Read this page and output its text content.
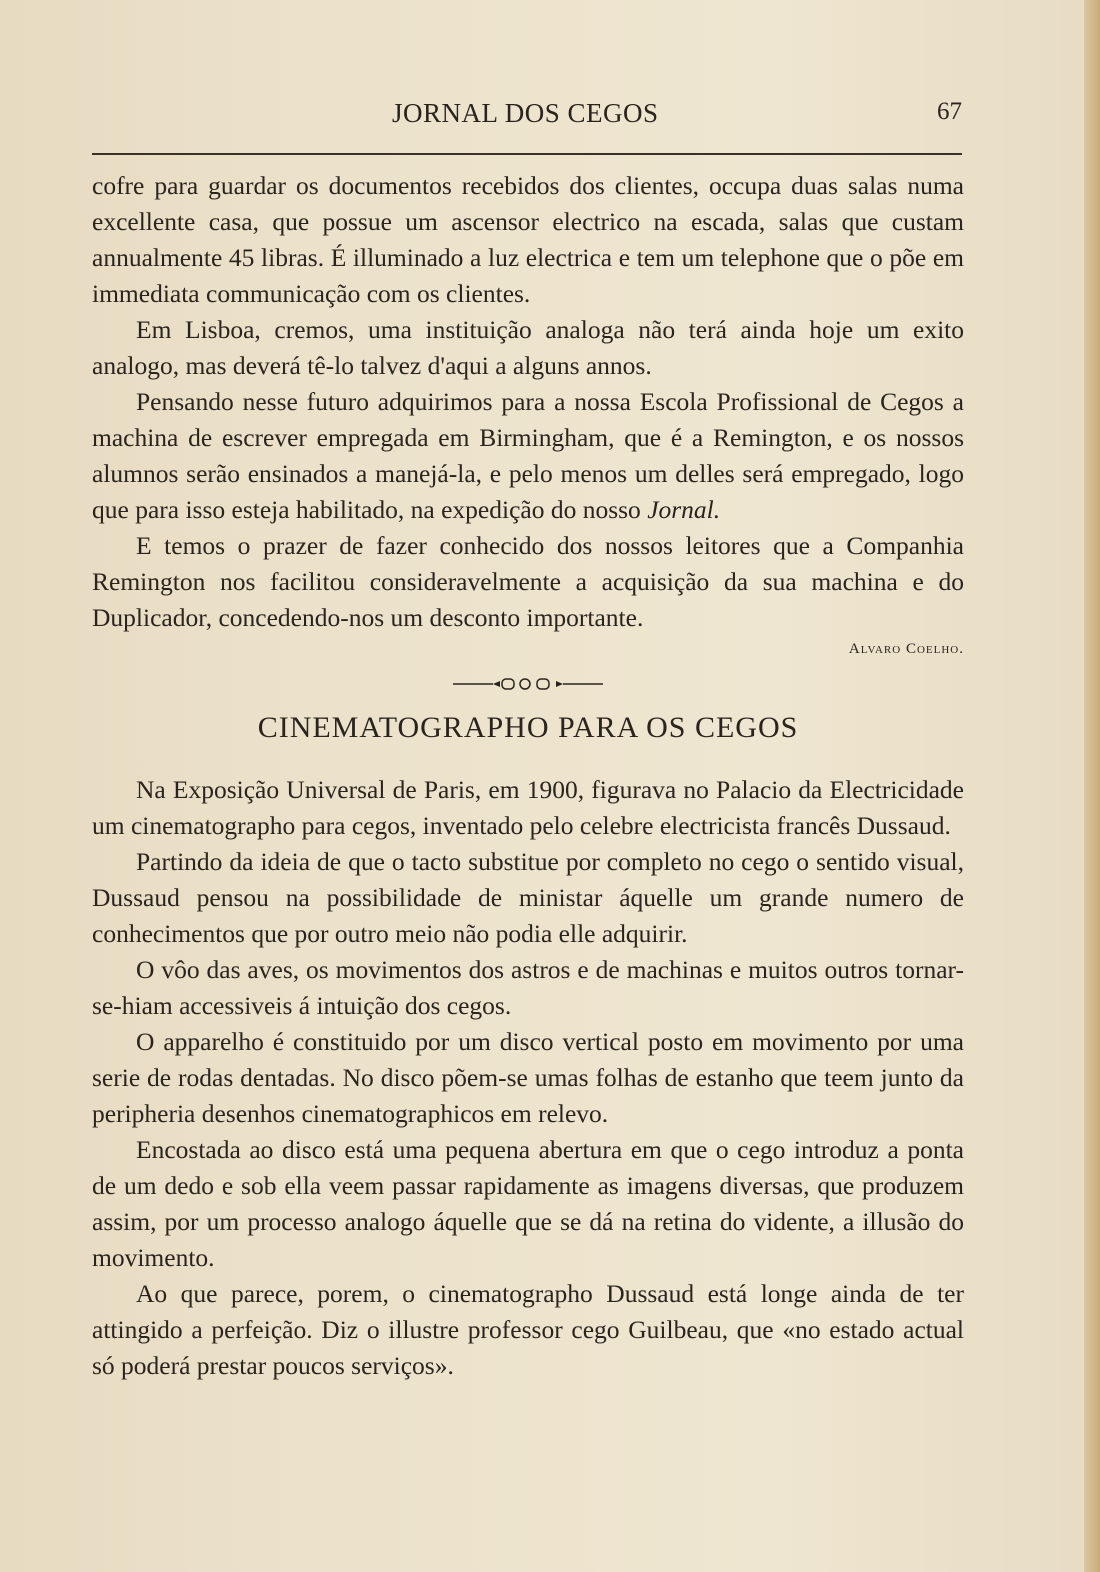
JORNAL DOS CEGOS	67

cofre para guardar os documentos recebidos dos clientes, occupa duas salas numa excellente casa, que possue um ascensor electrico na escada, salas que custam annualmente 45 libras. É illuminado a luz electrica e tem um telephone que o põe em immediata communicação com os clientes.

Em Lisboa, cremos, uma instituição analoga não terá ainda hoje um exito analogo, mas deverá tê-lo talvez d'aqui a alguns annos.

Pensando nesse futuro adquirimos para a nossa Escola Profissional de Cegos a machina de escrever empregada em Birmingham, que é a Remington, e os nossos alumnos serão ensinados a manejá-la, e pelo menos um delles será empregado, logo que para isso esteja habilitado, na expedição do nosso Jornal.

E temos o prazer de fazer conhecido dos nossos leitores que a Companhia Remington nos facilitou consideravelmente a acquisição da sua machina e do Duplicador, concedendo-nos um desconto importante.

Alvaro Coelho.
CINEMATOGRAPHO PARA OS CEGOS

Na Exposição Universal de Paris, em 1900, figurava no Palacio da Electricidade um cinematographo para cegos, inventado pelo celebre electricista francês Dussaud.

Partindo da ideia de que o tacto substitue por completo no cego o sentido visual, Dussaud pensou na possibilidade de ministar áquelle um grande numero de conhecimentos que por outro meio não podia elle adquirir.

O vôo das aves, os movimentos dos astros e de machinas e muitos outros tornar-se-hiam accessiveis á intuição dos cegos.

O apparelho é constituido por um disco vertical posto em movimento por uma serie de rodas dentadas. No disco põem-se umas folhas de estanho que teem junto da peripheria desenhos cinematographicos em relevo.

Encostada ao disco está uma pequena abertura em que o cego introduz a ponta de um dedo e sob ella veem passar rapidamente as imagens diversas, que produzem assim, por um processo analogo áquelle que se dá na retina do vidente, a illusão do movimento.

Ao que parece, porem, o cinematographo Dussaud está longe ainda de ter attingido a perfeição. Diz o illustre professor cego Guilbeau, que «no estado actual só poderá prestar poucos serviços».
